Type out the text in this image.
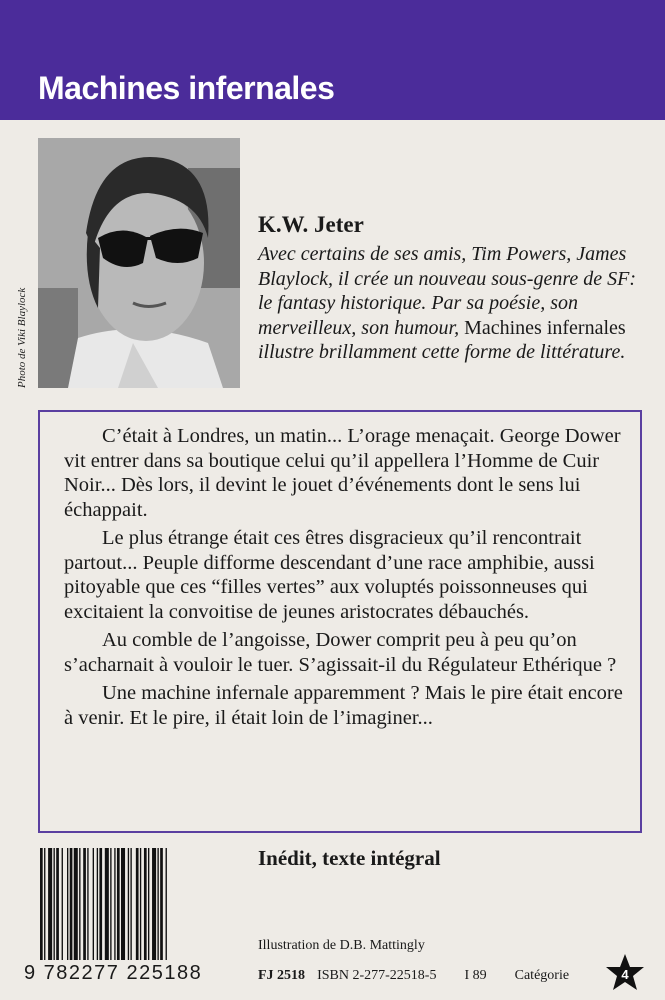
Machines infernales
Photo de Viki Blaylock
K.W. Jeter
Avec certains de ses amis, Tim Powers, James Blaylock, il crée un nouveau sous-genre de SF: le fantasy historique. Par sa poésie, son merveilleux, son humour, Machines infernales illustre brillamment cette forme de littérature.

C’était à Londres, un matin... L’orage menaçait. George Dower vit entrer dans sa boutique celui qu’il appellera l’Homme de Cuir Noir... Dès lors, il devint le jouet d’événements dont le sens lui échappait.

Le plus étrange était ces êtres disgracieux qu’il rencontrait partout... Peuple difforme descendant d’une race amphibie, aussi pitoyable que ces “filles vertes” aux voluptés poissonneuses qui excitaient la convoitise de jeunes aristocrates débauchés.

Au comble de l’angoisse, Dower comprit peu à peu qu’on s’acharnait à vouloir le tuer. S’agissait-il du Régulateur Ethérique ?

Une machine infernale apparemment ? Mais le pire était encore à venir. Et le pire, il était loin de l’imaginer...

9 782277 225188
Inédit, texte intégral
Illustration de D.B. Mattingly
FJ 2518 ISBN 2-277-22518-5 I 89 Catégorie	4
